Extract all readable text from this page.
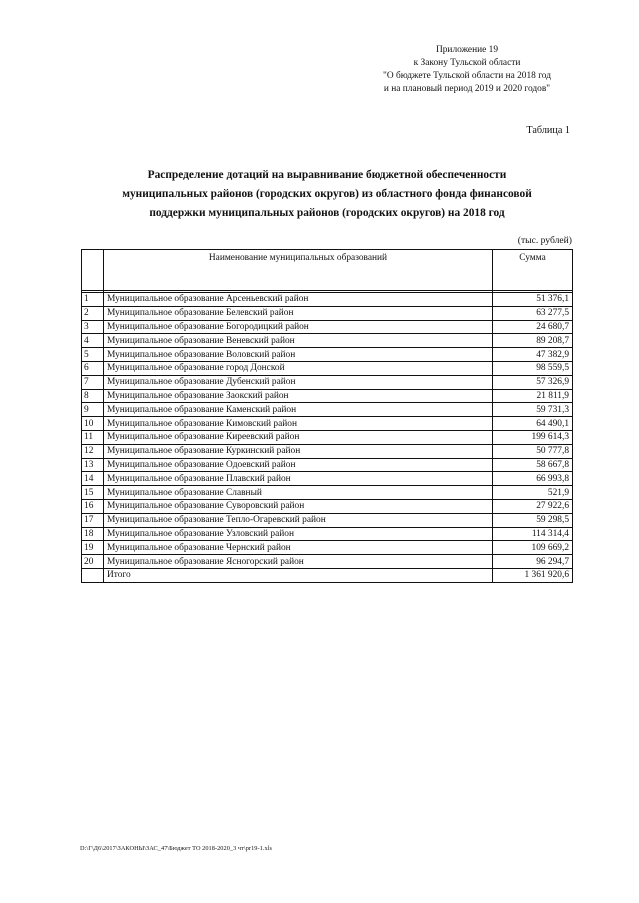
Приложение 19
к Закону Тульской области
"О бюджете Тульской области на 2018 год
и на плановый период 2019 и 2020 годов"
Таблица 1
Распределение дотаций на выравнивание бюджетной обеспеченности
муниципальных районов (городских округов) из областного фонда финансовой
поддержки муниципальных районов (городских округов) на 2018 год
(тыс. рублей)
	Наименование муниципальных образований	Сумма

1	Муниципальное образование Арсеньевский район	51 376,1
2	Муниципальное образование Белевский район	63 277,5
3	Муниципальное образование Богородицкий район	24 680,7
4	Муниципальное образование Веневский район	89 208,7
5	Муниципальное образование Воловский район	47 382,9
6	Муниципальное образование город Донской	98 559,5
7	Муниципальное образование Дубенский район	57 326,9
8	Муниципальное образование Заокский район	21 811,9
9	Муниципальное образование Каменский район	59 731,3
10	Муниципальное образование Кимовский район	64 490,1
11	Муниципальное образование Киреевский район	199 614,3
12	Муниципальное образование Куркинский район	50 777,8
13	Муниципальное образование Одоевский район	58 667,8
14	Муниципальное образование Плавский район	66 993,8
15	Муниципальное образование Славный	521,9
16	Муниципальное образование Суворовский район	27 922,6
17	Муниципальное образование Тепло-Огаревский район	59 298,5
18	Муниципальное образование Узловский район	114 314,4
19	Муниципальное образование Чернский район	109 669,2
20	Муниципальное образование Ясногорский район	96 294,7
	Итого	1 361 920,6
D:\Г\Д6\2017\ЗАКОНЫ\ЗАС_47\Бюджет ТО 2018-2020_3 чт\pr19-1.xls
